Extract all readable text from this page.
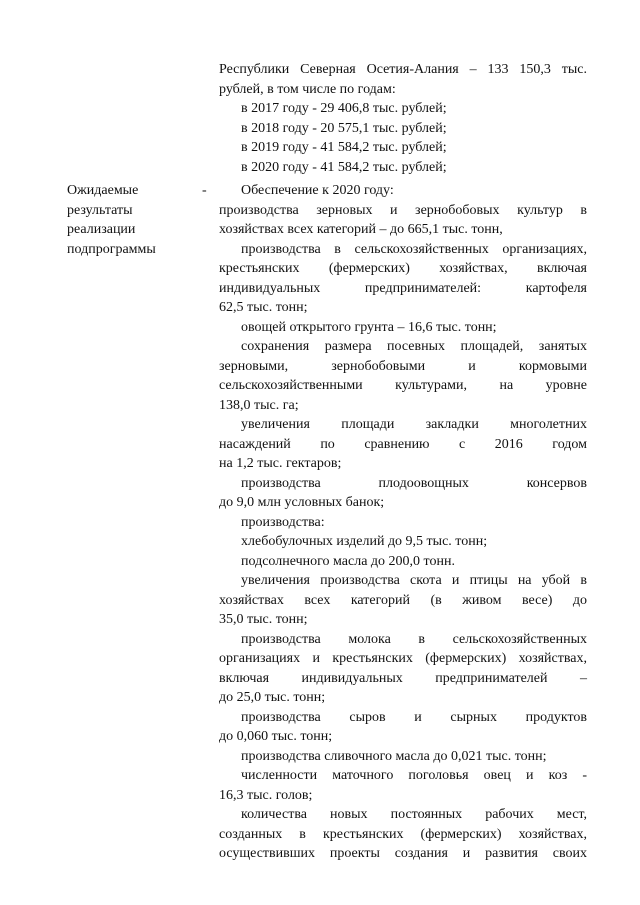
Республики Северная Осетия-Алания – 133 150,3 тыс.
рублей, в том числе по годам:
в 2017 году - 29 406,8 тыс. рублей;
в 2018 году - 20 575,1 тыс. рублей;
в 2019 году - 41 584,2 тыс. рублей;
в 2020 году - 41 584,2 тыс. рублей;
Ожидаемые
результаты
реализации
подпрограммы
-	Обеспечение к 2020 году:
производства зерновых и зернобобовых культур в
хозяйствах всех категорий – до 665,1 тыс. тонн,
производства в сельскохозяйственных организациях,
крестьянских (фермерских) хозяйствах, включая
индивидуальных предпринимателей: картофеля
62,5 тыс. тонн;
овощей открытого грунта – 16,6 тыс. тонн;
сохранения размера посевных площадей, занятых
зерновыми, зернобобовыми и кормовыми
сельскохозяйственными культурами, на уровне
138,0 тыс. га;
увеличения площади закладки многолетних
насаждений по сравнению с 2016 годом
на 1,2 тыс. гектаров;
производства плодоовощных консервов
до 9,0 млн условных банок;
производства:
хлебобулочных изделий до 9,5 тыс. тонн;
подсолнечного масла до 200,0 тонн.
увеличения производства скота и птицы на убой в
хозяйствах всех категорий (в живом весе) до
35,0 тыс. тонн;
производства молока в сельскохозяйственных
организациях и крестьянских (фермерских) хозяйствах,
включая индивидуальных предпринимателей –
до 25,0 тыс. тонн;
производства сыров и сырных продуктов
до 0,060 тыс. тонн;
производства сливочного масла до 0,021 тыс. тонн;
численности маточного поголовья овец и коз -
16,3 тыс. голов;
количества новых постоянных рабочих мест,
созданных в крестьянских (фермерских) хозяйствах,
осуществивших проекты создания и развития своих
